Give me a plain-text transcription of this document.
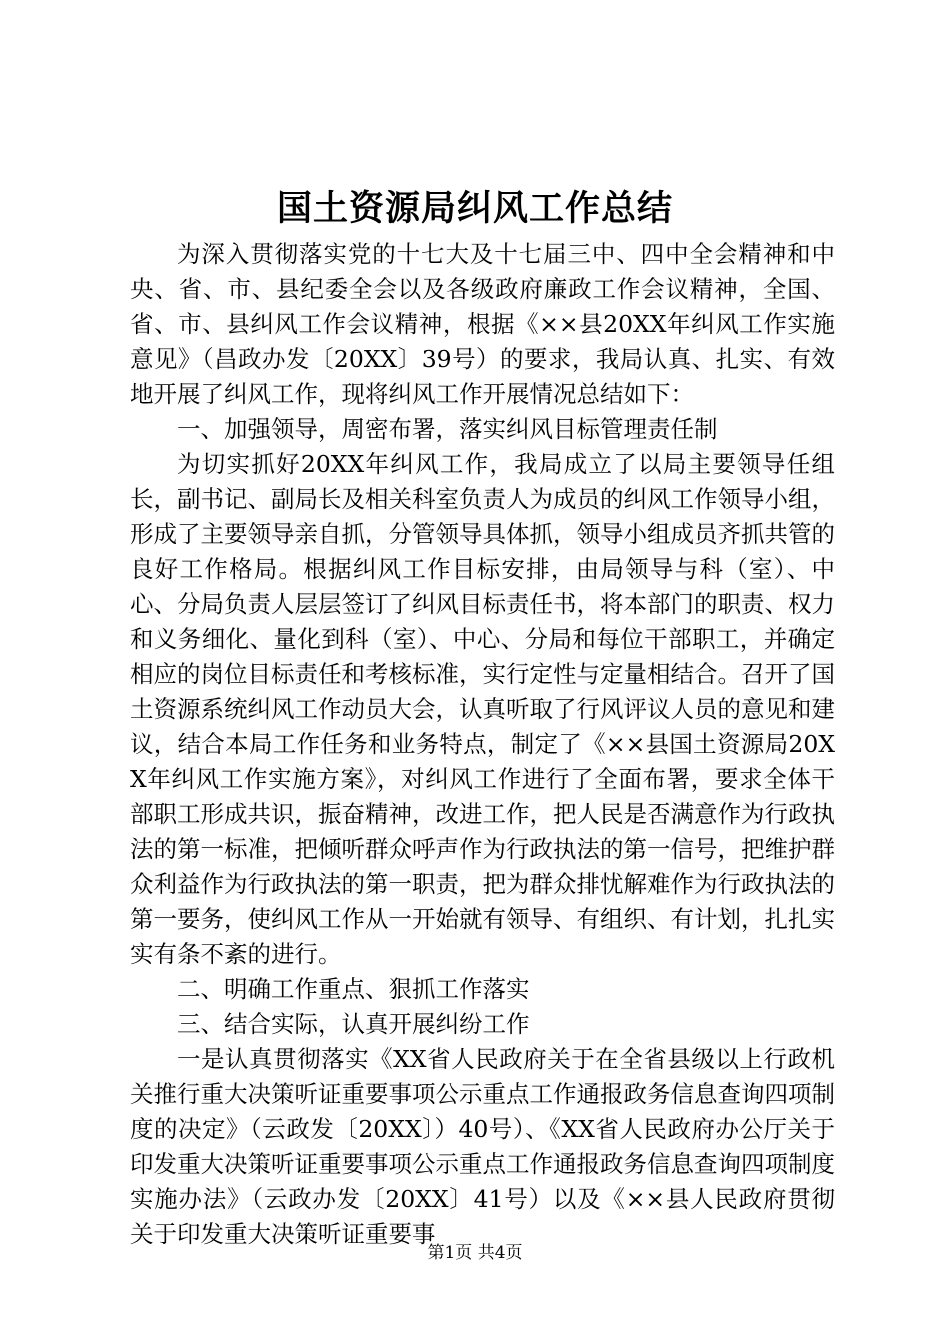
国土资源局纠风工作总结

为深入贯彻落实党的十七大及十七届三中、四中全会精神和中央、省、市、县纪委全会以及各级政府廉政工作会议精神，全国、省、市、县纠风工作会议精神，根据《××县20XX年纠风工作实施意见》（昌政办发〔20XX〕39号）的要求，我局认真、扎实、有效地开展了纠风工作，现将纠风工作开展情况总结如下：

一、加强领导，周密布署，落实纠风目标管理责任制

为切实抓好20XX年纠风工作，我局成立了以局主要领导任组长，副书记、副局长及相关科室负责人为成员的纠风工作领导小组，形成了主要领导亲自抓，分管领导具体抓，领导小组成员齐抓共管的良好工作格局。根据纠风工作目标安排，由局领导与科（室）、中心、分局负责人层层签订了纠风目标责任书，将本部门的职责、权力和义务细化、量化到科（室）、中心、分局和每位干部职工，并确定相应的岗位目标责任和考核标准，实行定性与定量相结合。召开了国土资源系统纠风工作动员大会，认真听取了行风评议人员的意见和建议，结合本局工作任务和业务特点，制定了《××县国土资源局20XX年纠风工作实施方案》，对纠风工作进行了全面布署，要求全体干部职工形成共识，振奋精神，改进工作，把人民是否满意作为行政执法的第一标准，把倾听群众呼声作为行政执法的第一信号，把维护群众利益作为行政执法的第一职责，把为群众排忧解难作为行政执法的第一要务，使纠风工作从一开始就有领导、有组织、有计划，扎扎实实有条不紊的进行。

二、明确工作重点、狠抓工作落实

三、结合实际，认真开展纠纷工作

一是认真贯彻落实《XX省人民政府关于在全省县级以上行政机关推行重大决策听证重要事项公示重点工作通报政务信息查询四项制度的决定》（云政发〔20XX〕）40号）、《XX省人民政府办公厅关于印发重大决策听证重要事项公示重点工作通报政务信息查询四项制度实施办法》（云政办发〔20XX〕41号）以及《××县人民政府贯彻关于印发重大决策听证重要事

第1页 共4页
